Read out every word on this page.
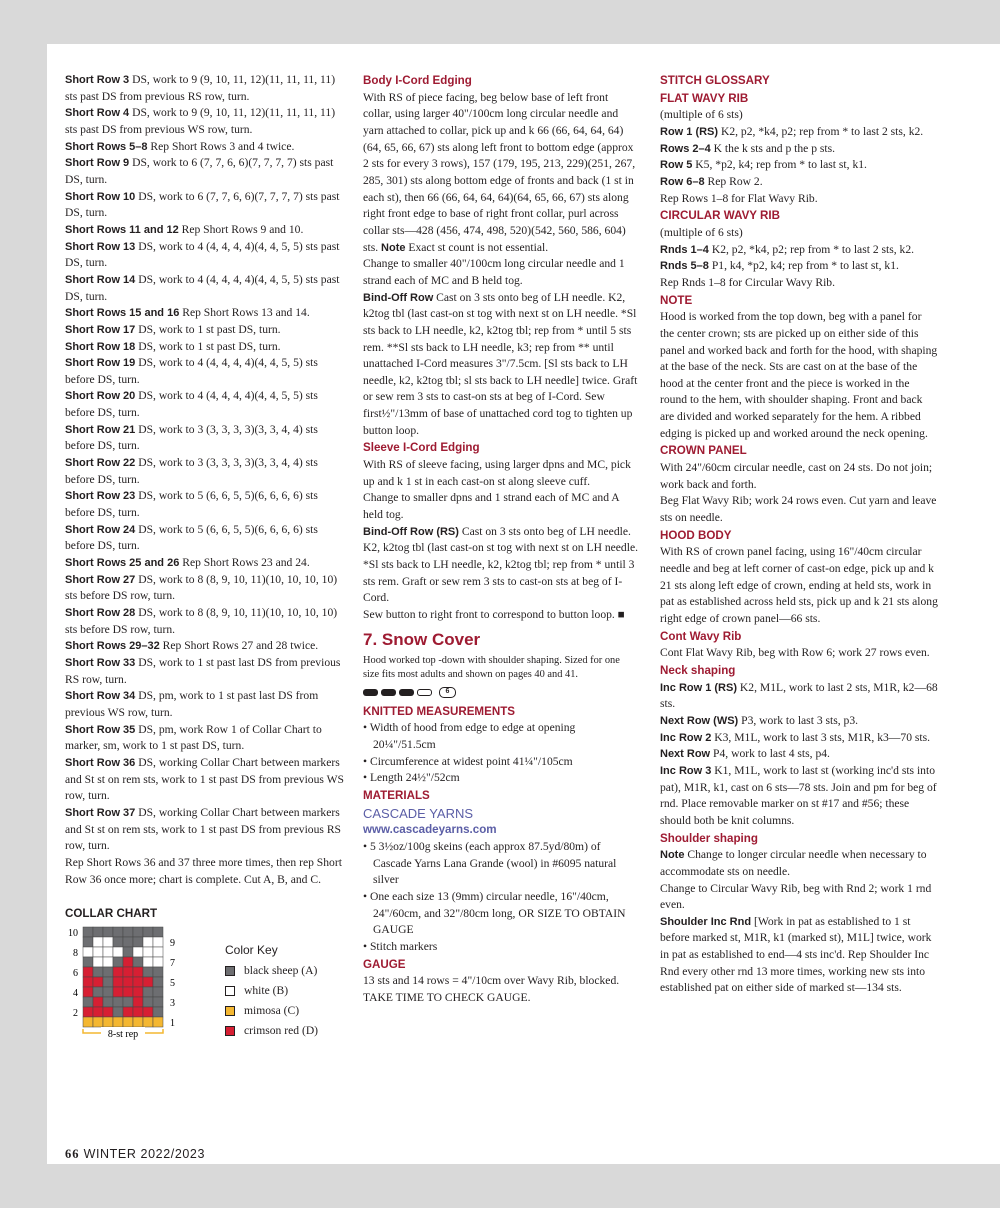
Short Row 3 DS, work to 9 (9, 10, 11, 12)(11, 11, 11, 11) sts past DS from previous RS row, turn.

Short Row 4 DS, work to 9 (9, 10, 11, 12)(11, 11, 11, 11) sts past DS from previous WS row, turn.

Short Rows 5–8 Rep Short Rows 3 and 4 twice.

Short Row 9 DS, work to 6 (7, 7, 6, 6)(7, 7, 7, 7) sts past DS, turn.

Short Row 10 DS, work to 6 (7, 7, 6, 6)(7, 7, 7, 7) sts past DS, turn.

Short Rows 11 and 12 Rep Short Rows 9 and 10.

Short Row 13 DS, work to 4 (4, 4, 4, 4)(4, 4, 5, 5) sts past DS, turn.

Short Row 14 DS, work to 4 (4, 4, 4, 4)(4, 4, 5, 5) sts past DS, turn.

Short Rows 15 and 16 Rep Short Rows 13 and 14.

Short Row 17 DS, work to 1 st past DS, turn.

Short Row 18 DS, work to 1 st past DS, turn.

Short Row 19 DS, work to 4 (4, 4, 4, 4)(4, 4, 5, 5) sts before DS, turn.

Short Row 20 DS, work to 4 (4, 4, 4, 4)(4, 4, 5, 5) sts before DS, turn.

Short Row 21 DS, work to 3 (3, 3, 3, 3)(3, 3, 4, 4) sts before DS, turn.

Short Row 22 DS, work to 3 (3, 3, 3, 3)(3, 3, 4, 4) sts before DS, turn.

Short Row 23 DS, work to 5 (6, 6, 5, 5)(6, 6, 6, 6) sts before DS, turn.

Short Row 24 DS, work to 5 (6, 6, 5, 5)(6, 6, 6, 6) sts before DS, turn.

Short Rows 25 and 26 Rep Short Rows 23 and 24.

Short Row 27 DS, work to 8 (8, 9, 10, 11)(10, 10, 10, 10) sts before DS row, turn.

Short Row 28 DS, work to 8 (8, 9, 10, 11)(10, 10, 10, 10) sts before DS row, turn.

Short Rows 29–32 Rep Short Rows 27 and 28 twice.

Short Row 33 DS, work to 1 st past last DS from previous RS row, turn.

Short Row 34 DS, pm, work to 1 st past last DS from previous WS row, turn.

Short Row 35 DS, pm, work Row 1 of Collar Chart to marker, sm, work to 1 st past DS, turn.

Short Row 36 DS, working Collar Chart between markers and St st on rem sts, work to 1 st past DS from previous WS row, turn.

Short Row 37 DS, working Collar Chart between markers and St st on rem sts, work to 1 st past DS from previous RS row, turn.

Rep Short Rows 36 and 37 three more times, then rep Short Row 36 once more; chart is complete. Cut A, B, and C.

COLLAR CHART

10
8
6
4
2
9
7
5
3
1
8-st rep

Color Key

black sheep (A)
white (B)
mimosa (C)
crimson red (D)

Body I-Cord Edging

With RS of piece facing, beg below base of left front collar, using larger 40"/100cm long circular needle and yarn attached to collar, pick up and k 66 (66, 64, 64, 64)(64, 65, 66, 67) sts along left front to bottom edge (approx 2 sts for every 3 rows), 157 (179, 195, 213, 229)(251, 267, 285, 301) sts along bottom edge of fronts and back (1 st in each st), then 66 (66, 64, 64, 64)(64, 65, 66, 67) sts along right front edge to base of right front collar, purl across collar sts—428 (456, 474, 498, 520)(542, 560, 586, 604) sts. Note Exact st count is not essential.

Change to smaller 40"/100cm long circular needle and 1 strand each of MC and B held tog.

Bind-Off Row Cast on 3 sts onto beg of LH needle. K2, k2tog tbl (last cast-on st tog with next st on LH needle. *Sl sts back to LH needle, k2, k2tog tbl; rep from * until 5 sts rem. **Sl sts back to LH needle, k3; rep from ** until unattached I-Cord measures 3"/7.5cm. [Sl sts back to LH needle, k2, k2tog tbl; sl sts back to LH needle] twice. Graft or sew rem 3 sts to cast-on sts at beg of I-Cord. Sew first½"/13mm of base of unattached cord tog to tighten up button loop.

Sleeve I-Cord Edging

With RS of sleeve facing, using larger dpns and MC, pick up and k 1 st in each cast-on st along sleeve cuff.

Change to smaller dpns and 1 strand each of MC and A held tog.

Bind-Off Row (RS) Cast on 3 sts onto beg of LH needle. K2, k2tog tbl (last cast-on st tog with next st on LH needle. *Sl sts back to LH needle, k2, k2tog tbl; rep from * until 3 sts rem. Graft or sew rem 3 sts to cast-on sts at beg of I-Cord.

Sew button to right front to correspond to button loop. ■

7. Snow Cover

Hood worked top -down with shoulder shaping. Sized for one size fits most adults and shown on pages 40 and 41.

6

KNITTED MEASUREMENTS

• Width of hood from edge to edge at opening 20¼"/51.5cm

• Circumference at widest point 41¼"/105cm

• Length 24½"/52cm

MATERIALS

CASCADE YARNS

www.cascadeyarns.com

• 5 3½oz/100g skeins (each approx 87.5yd/80m) of Cascade Yarns Lana Grande (wool) in #6095 natural silver

• One each size 13 (9mm) circular needle, 16"/40cm, 24"/60cm, and 32"/80cm long, OR SIZE TO OBTAIN GAUGE

• Stitch markers

GAUGE

13 sts and 14 rows = 4"/10cm over Wavy Rib, blocked.

TAKE TIME TO CHECK GAUGE.

STITCH GLOSSARY

FLAT WAVY RIB

(multiple of 6 sts)

Row 1 (RS) K2, p2, *k4, p2; rep from * to last 2 sts, k2.

Rows 2–4 K the k sts and p the p sts.

Row 5 K5, *p2, k4; rep from * to last st, k1.

Row 6–8 Rep Row 2.

Rep Rows 1–8 for Flat Wavy Rib.

CIRCULAR WAVY RIB

(multiple of 6 sts)

Rnds 1–4 K2, p2, *k4, p2; rep from * to last 2 sts, k2.

Rnds 5–8 P1, k4, *p2, k4; rep from * to last st, k1.

Rep Rnds 1–8 for Circular Wavy Rib.

NOTE

Hood is worked from the top down, beg with a panel for the center crown; sts are picked up on either side of this panel and worked back and forth for the hood, with shaping at the base of the neck. Sts are cast on at the base of the hood at the center front and the piece is worked in the round to the hem, with shoulder shaping. Front and back are divided and worked separately for the hem. A ribbed edging is picked up and worked around the neck opening.

CROWN PANEL

With 24"/60cm circular needle, cast on 24 sts. Do not join; work back and forth.

Beg Flat Wavy Rib; work 24 rows even. Cut yarn and leave sts on needle.

HOOD BODY

With RS of crown panel facing, using 16"/40cm circular needle and beg at left corner of cast-on edge, pick up and k 21 sts along left edge of crown, ending at held sts, work in pat as established across held sts, pick up and k 21 sts along right edge of crown panel—66 sts.

Cont Wavy Rib

Cont Flat Wavy Rib, beg with Row 6; work 27 rows even.

Neck shaping

Inc Row 1 (RS) K2, M1L, work to last 2 sts, M1R, k2—68 sts.

Next Row (WS) P3, work to last 3 sts, p3.

Inc Row 2 K3, M1L, work to last 3 sts, M1R, k3—70 sts.

Next Row P4, work to last 4 sts, p4.

Inc Row 3 K1, M1L, work to last st (working inc'd sts into pat), M1R, k1, cast on 6 sts—78 sts. Join and pm for beg of rnd. Place removable marker on st #17 and #56; these should both be knit columns.

Shoulder shaping

Note Change to longer circular needle when necessary to accommodate sts on needle.

Change to Circular Wavy Rib, beg with Rnd 2; work 1 rnd even.

Shoulder Inc Rnd [Work in pat as established to 1 st before marked st, M1R, k1 (marked st), M1L] twice, work in pat as established to end—4 sts inc'd. Rep Shoulder Inc Rnd every other rnd 13 more times, working new sts into established pat on either side of marked st—134 sts.

66 WINTER 2022/2023
